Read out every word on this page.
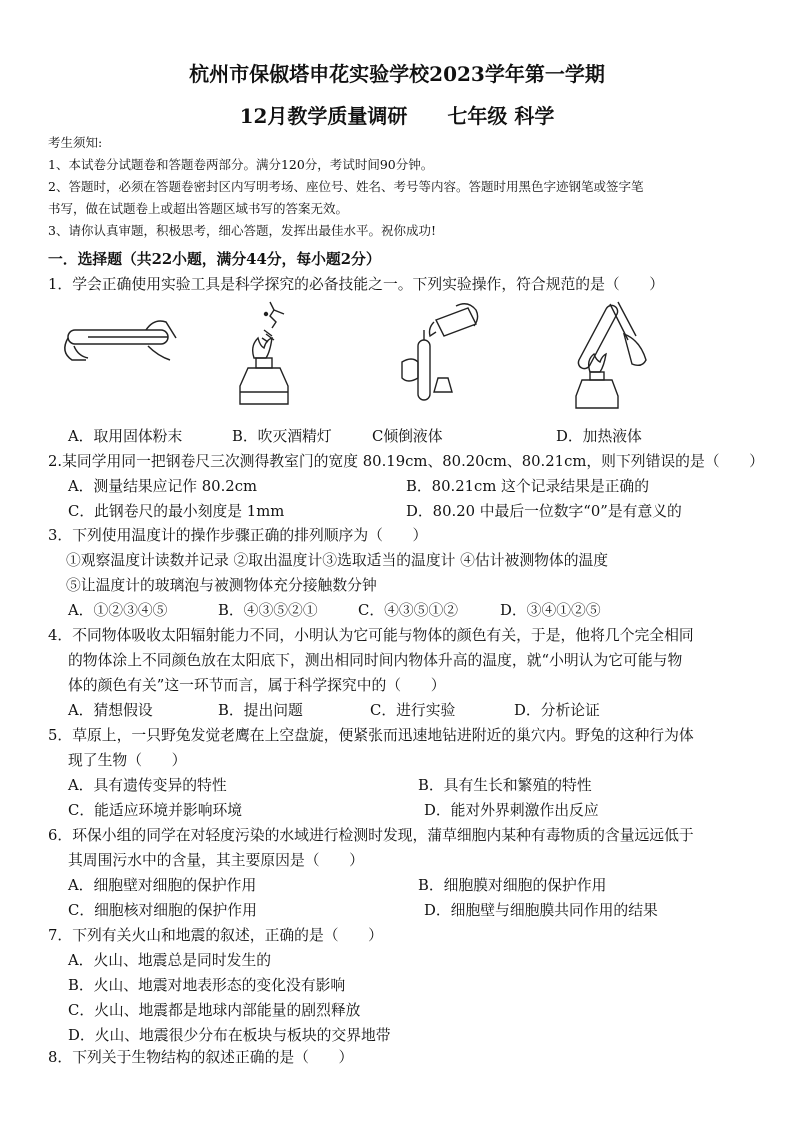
杭州市保俶塔申花实验学校2023学年第一学期
12月教学质量调研　　七年级 科学
考生须知:
1、本试卷分试题卷和答题卷两部分。满分120分，考试时间90分钟。
2、答题时，必须在答题卷密封区内写明考场、座位号、姓名、考号等内容。答题时用黑色字迹钢笔或签字笔
书写，做在试题卷上或超出答题区域书写的答案无效。
3、请你认真审题，积极思考，细心答题，发挥出最佳水平。祝你成功!
一．选择题（共22小题，满分44分，每小题2分）
1．学会正确使用实验工具是科学探究的必备技能之一。下列实验操作，符合规范的是（　　）
A．取用固体粉末	B．吹灭酒精灯	C倾倒液体	D．加热液体
2.某同学用同一把钢卷尺三次测得教室门的宽度 80.19cm、80.20cm、80.21cm，则下列错误的是（　　）
A．测量结果应记作 80.2cm	B．80.21cm 这个记录结果是正确的
C．此钢卷尺的最小刻度是 1mm	D．80.20 中最后一位数字“0”是有意义的
3．下列使用温度计的操作步骤正确的排列顺序为（　　）
①观察温度计读数并记录 ②取出温度计③选取适当的温度计 ④估计被测物体的温度
⑤让温度计的玻璃泡与被测物体充分接触数分钟
A．①②③④⑤	B．④③⑤②①	C．④③⑤①②	D．③④①②⑤
4．不同物体吸收太阳辐射能力不同，小明认为它可能与物体的颜色有关，于是，他将几个完全相同
的物体涂上不同颜色放在太阳底下，测出相同时间内物体升高的温度，就“小明认为它可能与物
体的颜色有关”这一环节而言，属于科学探究中的（　　）
A．猜想假设	B．提出问题	C．进行实验	D．分析论证
5．草原上，一只野兔发觉老鹰在上空盘旋，便紧张而迅速地钻进附近的巢穴内。野兔的这种行为体
现了生物（　　）
A．具有遗传变异的特性	B．具有生长和繁殖的特性
C．能适应环境并影响环境	D．能对外界刺激作出反应
6．环保小组的同学在对轻度污染的水域进行检测时发现，蒲草细胞内某种有毒物质的含量远远低于
其周围污水中的含量，其主要原因是（　　）
A．细胞壁对细胞的保护作用	B．细胞膜对细胞的保护作用
C．细胞核对细胞的保护作用	D．细胞壁与细胞膜共同作用的结果
7．下列有关火山和地震的叙述，正确的是（　　）
A．火山、地震总是同时发生的
B．火山、地震对地表形态的变化没有影响
C．火山、地震都是地球内部能量的剧烈释放
D．火山、地震很少分布在板块与板块的交界地带
8．下列关于生物结构的叙述正确的是（　　）
